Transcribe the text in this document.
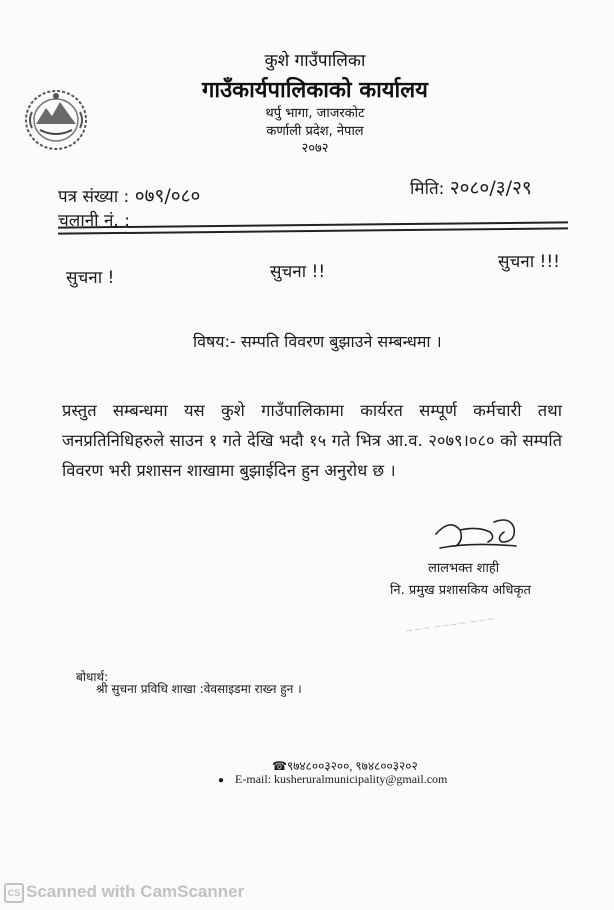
कुशे गाउँपालिका
गाउँकार्यपालिकाको कार्यालय
थर्पु भागा, जाजरकोट
कर्णाली प्रदेश, नेपाल
२०७२
पत्र संख्या : ०७९/०८०	मिति: २०८०/३/२९
चलानी नं. :
सुचना !	सुचना !!	सुचना !!!
विषय:- सम्पति विवरण बुझाउने सम्बन्धमा ।
प्रस्तुत सम्बन्धमा यस कुशे गाउँपालिकामा कार्यरत सम्पूर्ण कर्मचारी तथा जनप्रतिनिधिहरुले साउन १ गते देखि भदौ १५ गते भित्र आ.व. २०७९।०८० को सम्पति विवरण भरी प्रशासन शाखामा बुझाईदिन हुन अनुरोध छ ।
लालभक्त शाही
नि. प्रमुख प्रशासकिय अधिकृत
~~~ ~~~~ ~~~
बोधार्थ:
श्री सुचना प्रविधि शाखा :वेवसाइडमा राख्न हुन ।
☎९७४८००३२००, ९७४८००३२०२
● E-mail: kusheruralmunicipality@gmail.com
CS Scanned with CamScanner
